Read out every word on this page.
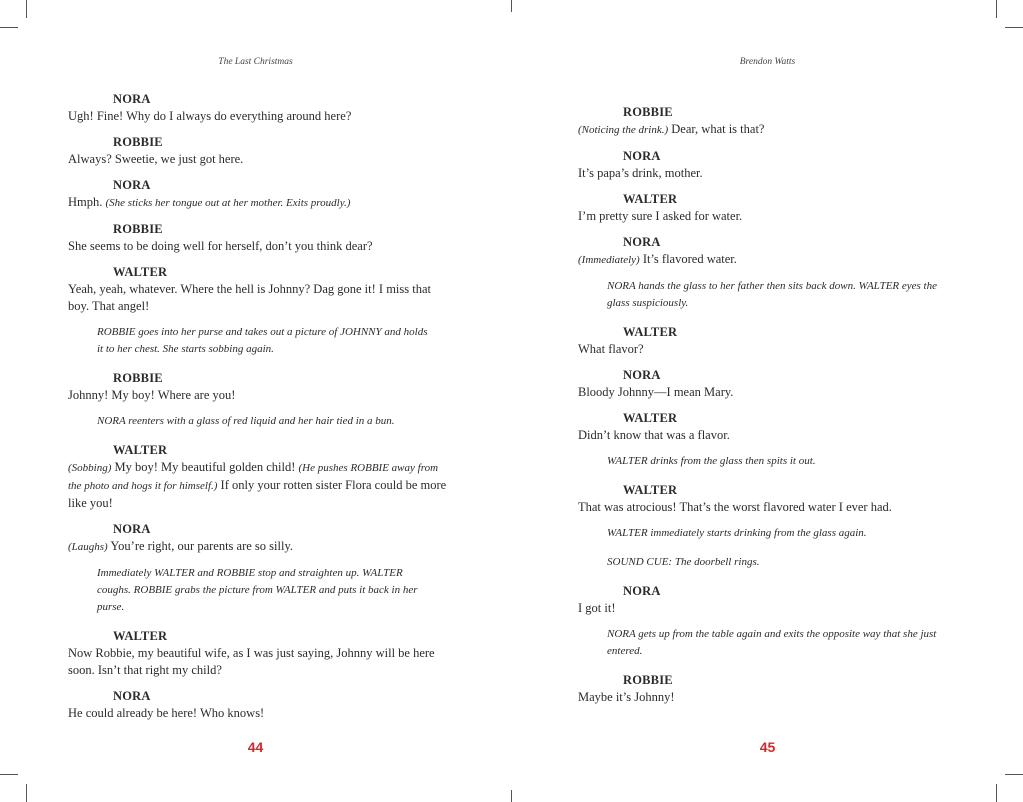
The Last Christmas
NORA
Ugh! Fine! Why do I always do everything around here?
ROBBIE
Always? Sweetie, we just got here.
NORA
Hmph. (She sticks her tongue out at her mother. Exits proudly.)
ROBBIE
She seems to be doing well for herself, don’t you think dear?
WALTER
Yeah, yeah, whatever. Where the hell is Johnny? Dag gone it! I miss that boy. That angel!
ROBBIE goes into her purse and takes out a picture of JOHNNY and holds it to her chest. She starts sobbing again.
ROBBIE
Johnny! My boy! Where are you!
NORA reenters with a glass of red liquid and her hair tied in a bun.
WALTER
(Sobbing) My boy! My beautiful golden child! (He pushes ROBBIE away from the photo and hogs it for himself.) If only your rotten sister Flora could be more like you!
NORA
(Laughs) You’re right, our parents are so silly.
Immediately WALTER and ROBBIE stop and straighten up. WALTER coughs. ROBBIE grabs the picture from WALTER and puts it back in her purse.
WALTER
Now Robbie, my beautiful wife, as I was just saying, Johnny will be here soon. Isn’t that right my child?
NORA
He could already be here! Who knows!
44
Brendon Watts
ROBBIE
(Noticing the drink.) Dear, what is that?
NORA
It’s papa’s drink, mother.
WALTER
I’m pretty sure I asked for water.
NORA
(Immediately) It’s flavored water.
NORA hands the glass to her father then sits back down. WALTER eyes the glass suspiciously.
WALTER
What flavor?
NORA
Bloody Johnny—I mean Mary.
WALTER
Didn’t know that was a flavor.
WALTER drinks from the glass then spits it out.
WALTER
That was atrocious! That’s the worst flavored water I ever had.
WALTER immediately starts drinking from the glass again.
SOUND CUE: The doorbell rings.
NORA
I got it!
NORA gets up from the table again and exits the opposite way that she just entered.
ROBBIE
Maybe it’s Johnny!
45
